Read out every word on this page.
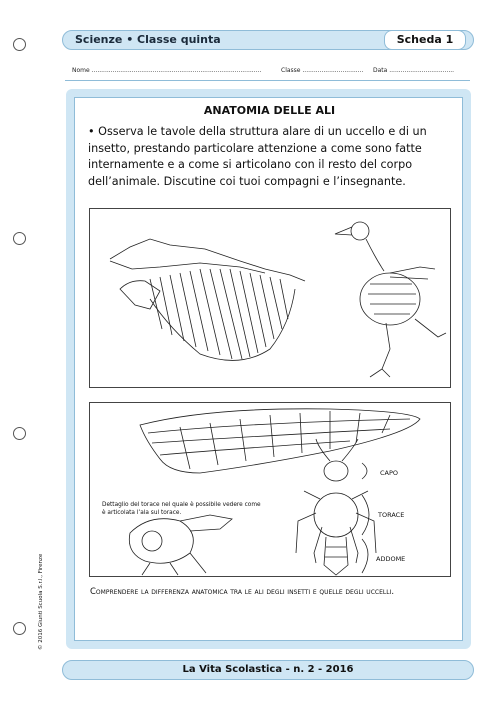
Scienze • Classe quinta	Scheda 1
Nome .........................................................................................	Classe ................................ Data ..................................
ANATOMIA DELLE ALI
• Osserva le tavole della struttura alare di un uccello e di un insetto, prestando particolare attenzione a come sono fatte internamente e a come si articolano con il resto del corpo dell’animale. Discutine coi tuoi compagni e l’insegnante.
Dettaglio del torace nel quale è possibile vedere come è articolata l’ala sul torace.
CAPO
TORACE
ADDOME
Comprendere la differenza anatomica tra le ali degli insetti e quelle degli uccelli.
© 2016 Giunti Scuola S.r.l., Firenze
La Vita Scolastica - n. 2 - 2016
